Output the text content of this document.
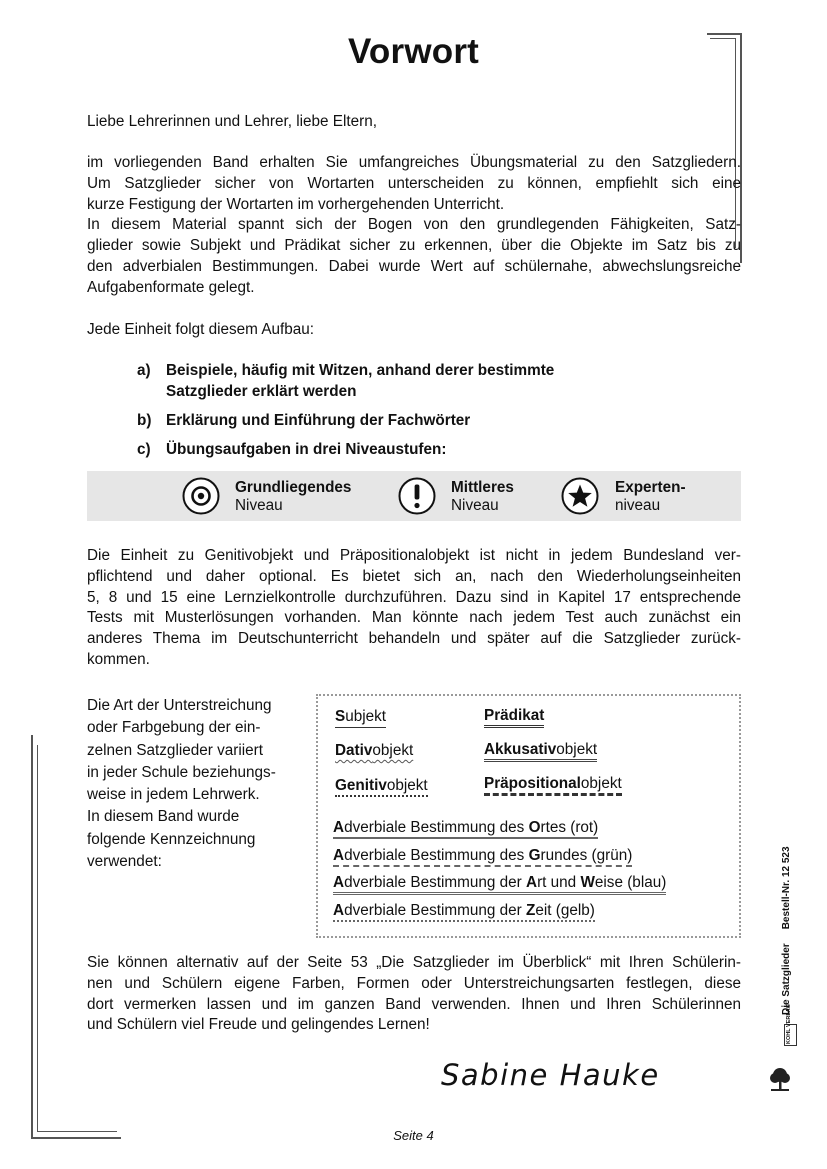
Vorwort
Liebe Lehrerinnen und Lehrer, liebe Eltern,
im vorliegenden Band erhalten Sie umfangreiches Übungsmaterial zu den Satzgliedern.
Um Satzglieder sicher von Wortarten unterscheiden zu können, empfiehlt sich eine
kurze Festigung der Wortarten im vorhergehenden Unterricht.
In diesem Material spannt sich der Bogen von den grundlegenden Fähigkeiten, Satz-
glieder sowie Subjekt und Prädikat sicher zu erkennen, über die Objekte im Satz bis zu
den adverbialen Bestimmungen. Dabei wurde Wert auf schülernahe, abwechslungsreiche
Aufgabenformate gelegt.
Jede Einheit folgt diesem Aufbau:
a) Beispiele, häufig mit Witzen, anhand derer bestimmte Satzglieder erklärt werden
b) Erklärung und Einführung der Fachwörter
c) Übungsaufgaben in drei Niveaustufen:
Grundliegendes
Niveau
Mittleres
Niveau
Experten-
niveau
Die Einheit zu Genitivobjekt und Präpositionalobjekt ist nicht in jedem Bundesland ver-
pflichtend und daher optional. Es bietet sich an, nach den Wiederholungseinheiten
5, 8 und 15 eine Lernzielkontrolle durchzuführen. Dazu sind in Kapitel 17 entsprechende
Tests mit Musterlösungen vorhanden. Man könnte nach jedem Test auch zunächst ein
anderes Thema im Deutschunterricht behandeln und später auf die Satzglieder zurück-
kommen.
Die Art der Unterstreichung
oder Farbgebung der ein-
zelnen Satzglieder variiert
in jeder Schule beziehungs-
weise in jedem Lehrwerk.
In diesem Band wurde
folgende Kennzeichnung
verwendet:
Subjekt	Prädikat
Dativobjekt	Akkusativobjekt
Genitivobjekt	Präpositionalobjekt
Adverbiale Bestimmung des Ortes (rot)
Adverbiale Bestimmung des Grundes (grün)
Adverbiale Bestimmung der Art und Weise (blau)
Adverbiale Bestimmung der Zeit (gelb)
Sie können alternativ auf der Seite 53 „Die Satzglieder im Überblick“ mit Ihren Schülerin-
nen und Schülern eigene Farben, Formen oder Unterstreichungsarten festlegen, diese
dort vermerken lassen und im ganzen Band verwenden. Ihnen und Ihren Schülerinnen
und Schülern viel Freude und gelingendes Lernen!
Sabine Hauke
Seite 4
Die SatzgliederBestell-Nr. 12 523
KOHL VERLAG
